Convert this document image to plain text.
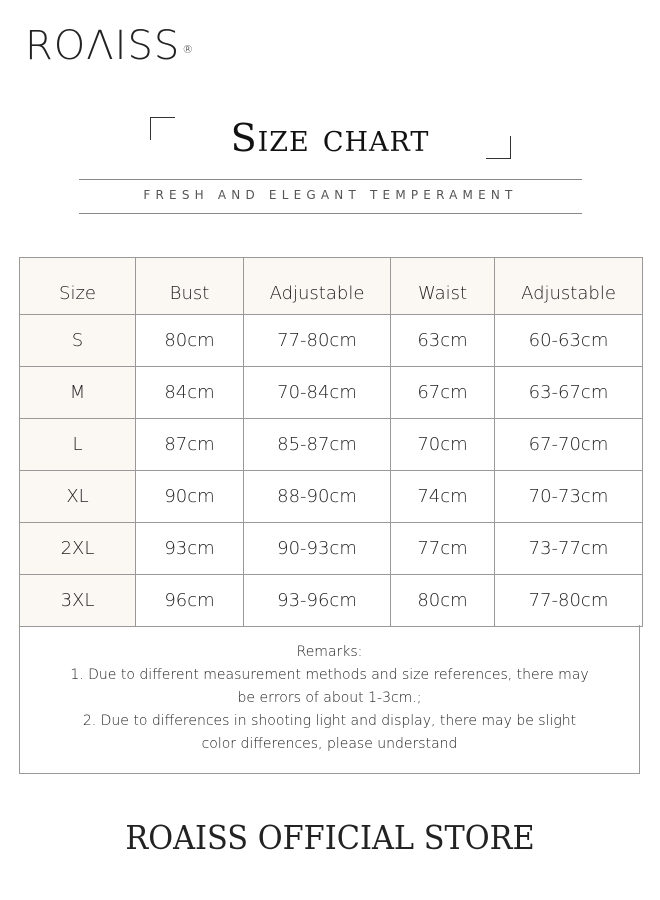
ROΛISS ®
Size chart
FRESH AND ELEGANT TEMPERAMENT
Size	Bust	Adjustable	Waist	Adjustable
S	80cm	77-80cm	63cm	60-63cm
M	84cm	70-84cm	67cm	63-67cm
L	87cm	85-87cm	70cm	67-70cm
XL	90cm	88-90cm	74cm	70-73cm
2XL	93cm	90-93cm	77cm	73-77cm
3XL	96cm	93-96cm	80cm	77-80cm
Remarks:
1. Due to different measurement methods and size references, there may
be errors of about 1-3cm.;
2. Due to differences in shooting light and display, there may be slight
color differences, please understand
ROAISS OFFICIAL STORE
